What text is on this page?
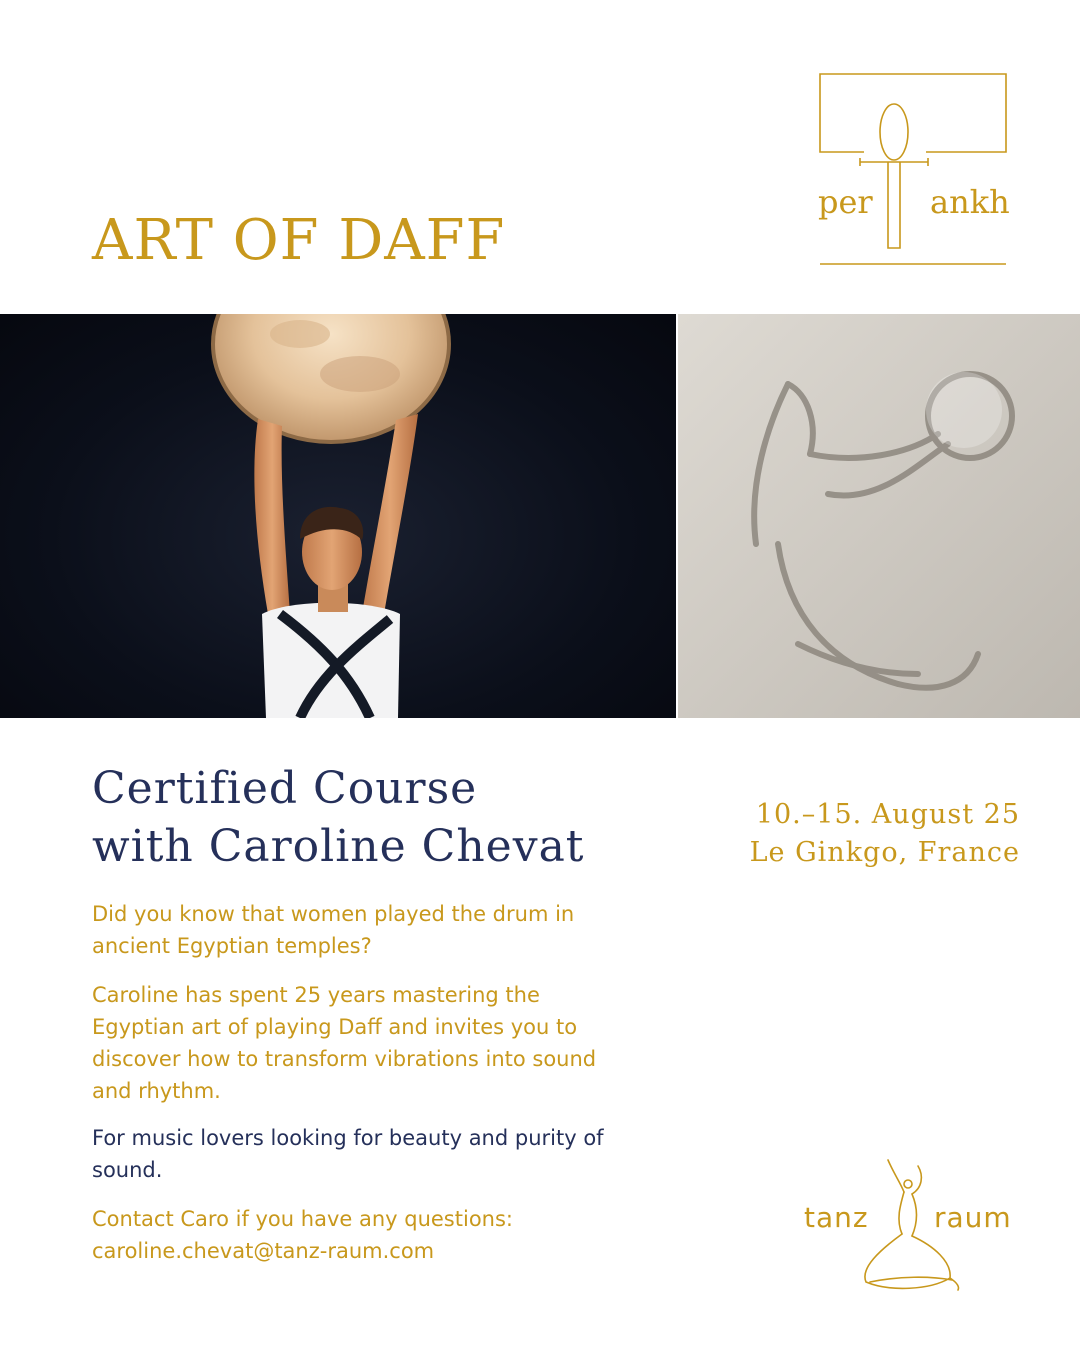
ART OF DAFF
per ankh
Certified Course
with Caroline Chevat
10.–15. August 25
Le Ginkgo, France

Did you know that women played the drum in ancient Egyptian temples?

Caroline has spent 25 years mastering the Egyptian art of playing Daff and invites you to discover how to transform vibrations into sound and rhythm.

For music lovers looking for beauty and purity of sound.

Contact Caro if you have any questions:
caroline.chevat@tanz-raum.com

tanz raum
